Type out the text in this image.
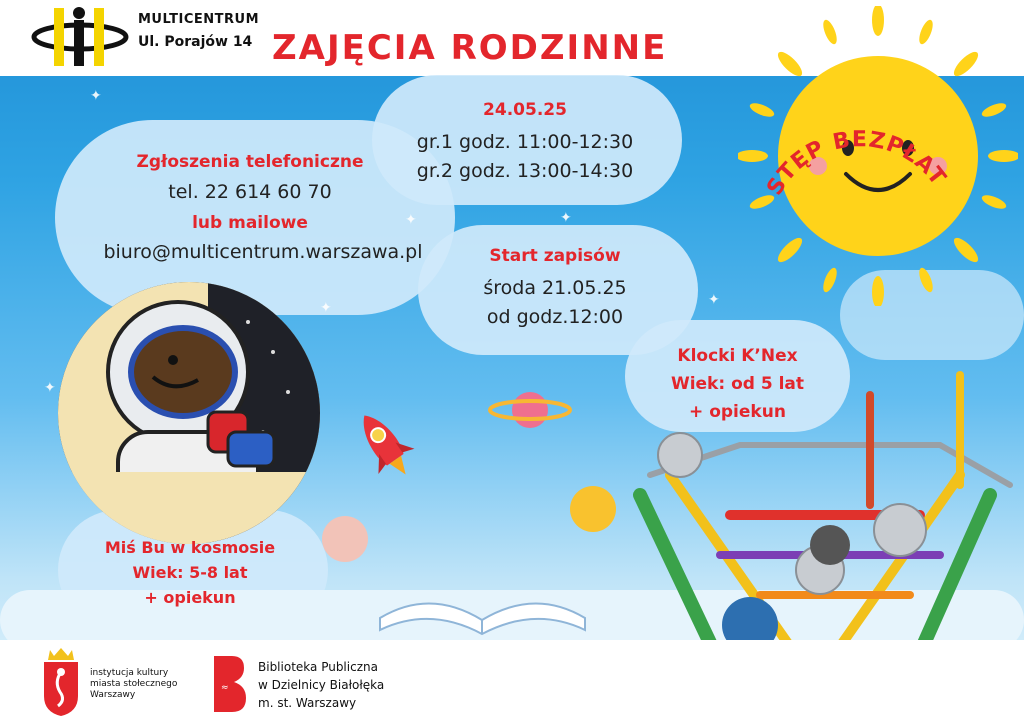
✦
✦
✦
✦
✦
✦
MULTICENTRUM
Ul. Porajów 14 ZAJĘCIA RODZINNE
STĘP BEZPŁAT
24.05.25
gr.1 godz. 11:00-12:30
gr.2 godz. 13:00-14:30
Zgłoszenia telefoniczne
tel. 22 614 60 70
lub mailowe
biuro@multicentrum.warszawa.pl	Start zapisów
środa 21.05.25
od godz.12:00
Miś Bu w kosmosie
Wiek: 5-8 lat
+ opiekun
Klocki K’Nex
Wiek: od 5 lat
+ opiekun
instytucja kultury miasta stołecznego Warszawy
≈
Biblioteka Publiczna
w Dzielnicy Białołęka
m. st. Warszawy
